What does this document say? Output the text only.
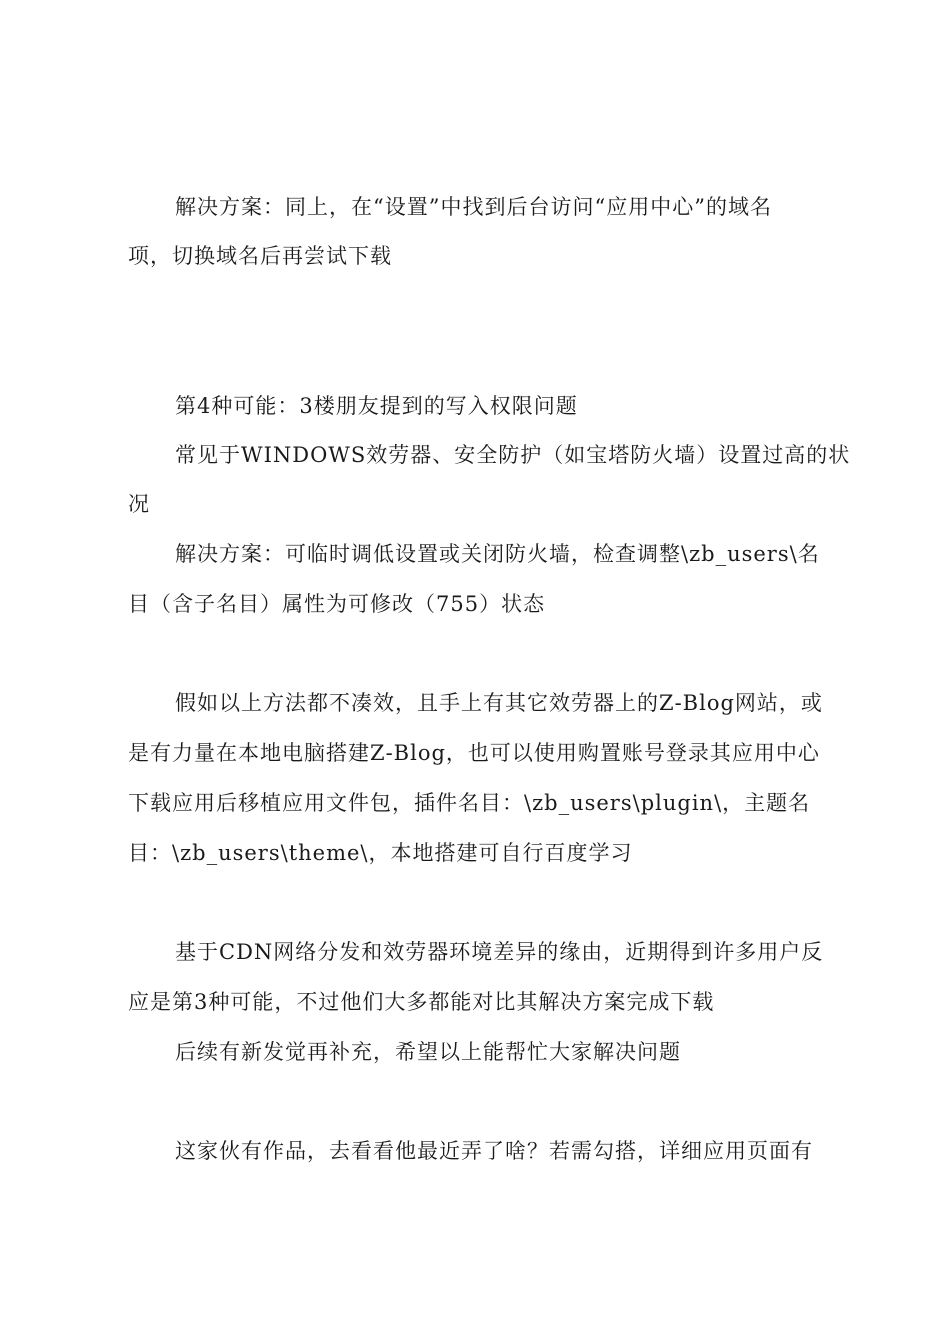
解决方案：同上，在“设置”中找到后台访问“应用中心”的域名
项，切换域名后再尝试下载
第4种可能：3楼朋友提到的写入权限问题
常见于WINDOWS效劳器、安全防护（如宝塔防火墙）设置过高的状
况
解决方案：可临时调低设置或关闭防火墙，检查调整\zb_users\名
目（含子名目）属性为可修改（755）状态
假如以上方法都不凑效，且手上有其它效劳器上的Z-Blog网站，或
是有力量在本地电脑搭建Z-Blog，也可以使用购置账号登录其应用中心
下载应用后移植应用文件包，插件名目：\zb_users\plugin\，主题名
目：\zb_users\theme\，本地搭建可自行百度学习
基于CDN网络分发和效劳器环境差异的缘由，近期得到许多用户反
应是第3种可能，不过他们大多都能对比其解决方案完成下载
后续有新发觉再补充，希望以上能帮忙大家解决问题
这家伙有作品，去看看他最近弄了啥？若需勾搭，详细应用页面有
